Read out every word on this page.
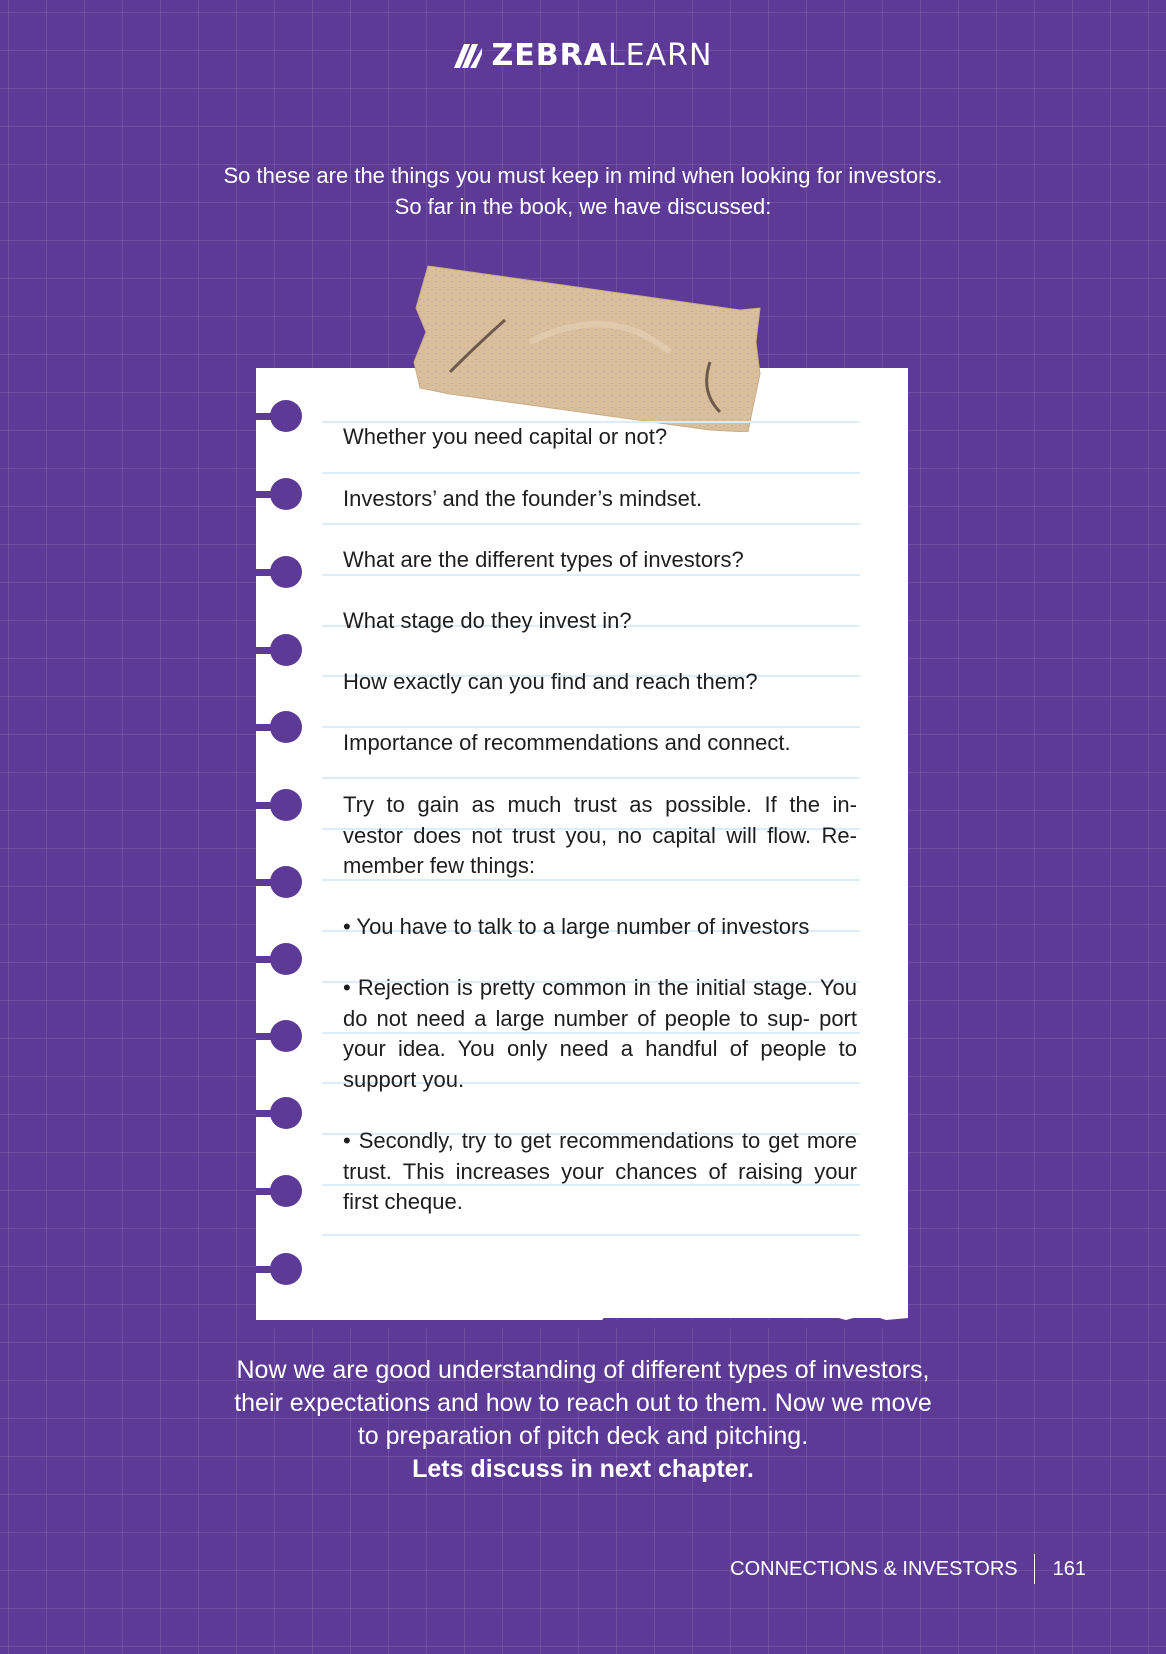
ZEBRA LEARN

So these are the things you must keep in mind when looking for investors.

So far in the book, we have discussed:

Whether you need capital or not?
Investors’ and the founder’s mindset.
What are the different types of investors?
What stage do they invest in?
How exactly can you find and reach them?
Importance of recommendations and connect.
Try to gain as much trust as possible. If the in- vestor does not trust you, no capital will flow. Re- member few things:
• You have to talk to a large number of investors
• Rejection is pretty common in the initial stage. You do not need a large number of people to sup- port your idea. You only need a handful of people to support you.
• Secondly, try to get recommendations to get more trust. This increases your chances of raising your first cheque.

Now we are good understanding of different types of investors,

their expectations and how to reach out to them. Now we move

to preparation of pitch deck and pitching.

Lets discuss in next chapter.

CONNECTIONS & INVESTORS 161
